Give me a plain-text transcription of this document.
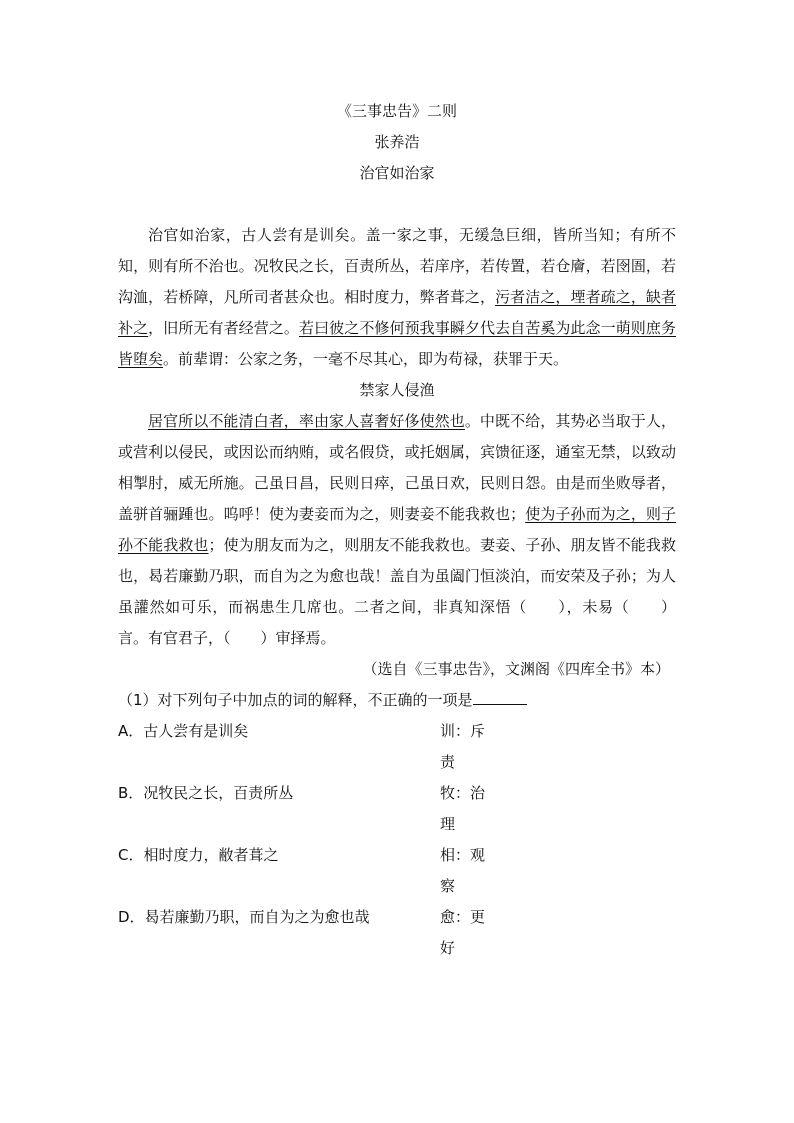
《三事忠告》二则
张养浩
治官如治家

治官如治家，古人尝有是训矣。盖一家之事，无缓急巨细，皆所当知；有所不知，则有所不治也。况牧民之长，百责所丛，若庠序，若传置，若仓廥，若囹圄，若沟洫，若桥障，凡所司者甚众也。相时度力，弊者葺之，污者洁之，堙者疏之，缺者补之，旧所无有者经营之。若曰彼之不修何预我事瞬夕代去自苦奚为此念一萌则庶务皆堕矣。前辈谓：公家之务，一毫不尽其心，即为苟禄，获罪于天。

禁家人侵渔

居官所以不能清白者，率由家人喜奢好侈使然也。中既不给，其势必当取于人，或营利以侵民，或因讼而纳贿，或名假贷，或托姻属，宾馈征逐，通室无禁，以致动相掣肘，威无所施。己虽日昌，民则日瘁，己虽日欢，民则日怨。由是而坐败辱者，盖骈首骊踵也。呜呼！使为妻妾而为之，则妻妾不能我救也；使为子孙而为之，则子孙不能我救也；使为朋友而为之，则朋友不能我救也。妻妾、子孙、朋友皆不能我救也，曷若廉勤乃职，而自为之为愈也哉！盖自为虽阖门恒淡泊，而安荣及子孙；为人虽讙然如可乐，而祸患生几席也。二者之间，非真知深悟（　　），未易（　　）言。有官君子，（　　）审择焉。

（选自《三事忠告》，文渊阁《四库全书》本）
（1）对下列句子中加点的词的解释，不正确的一项是
A．古人尝有是训矣	训：斥责
B．况牧民之长，百责所丛	牧：治理
C．相时度力，敝者葺之	相：观察
D．曷若廉勤乃职，而自为之为愈也哉	愈：更好
